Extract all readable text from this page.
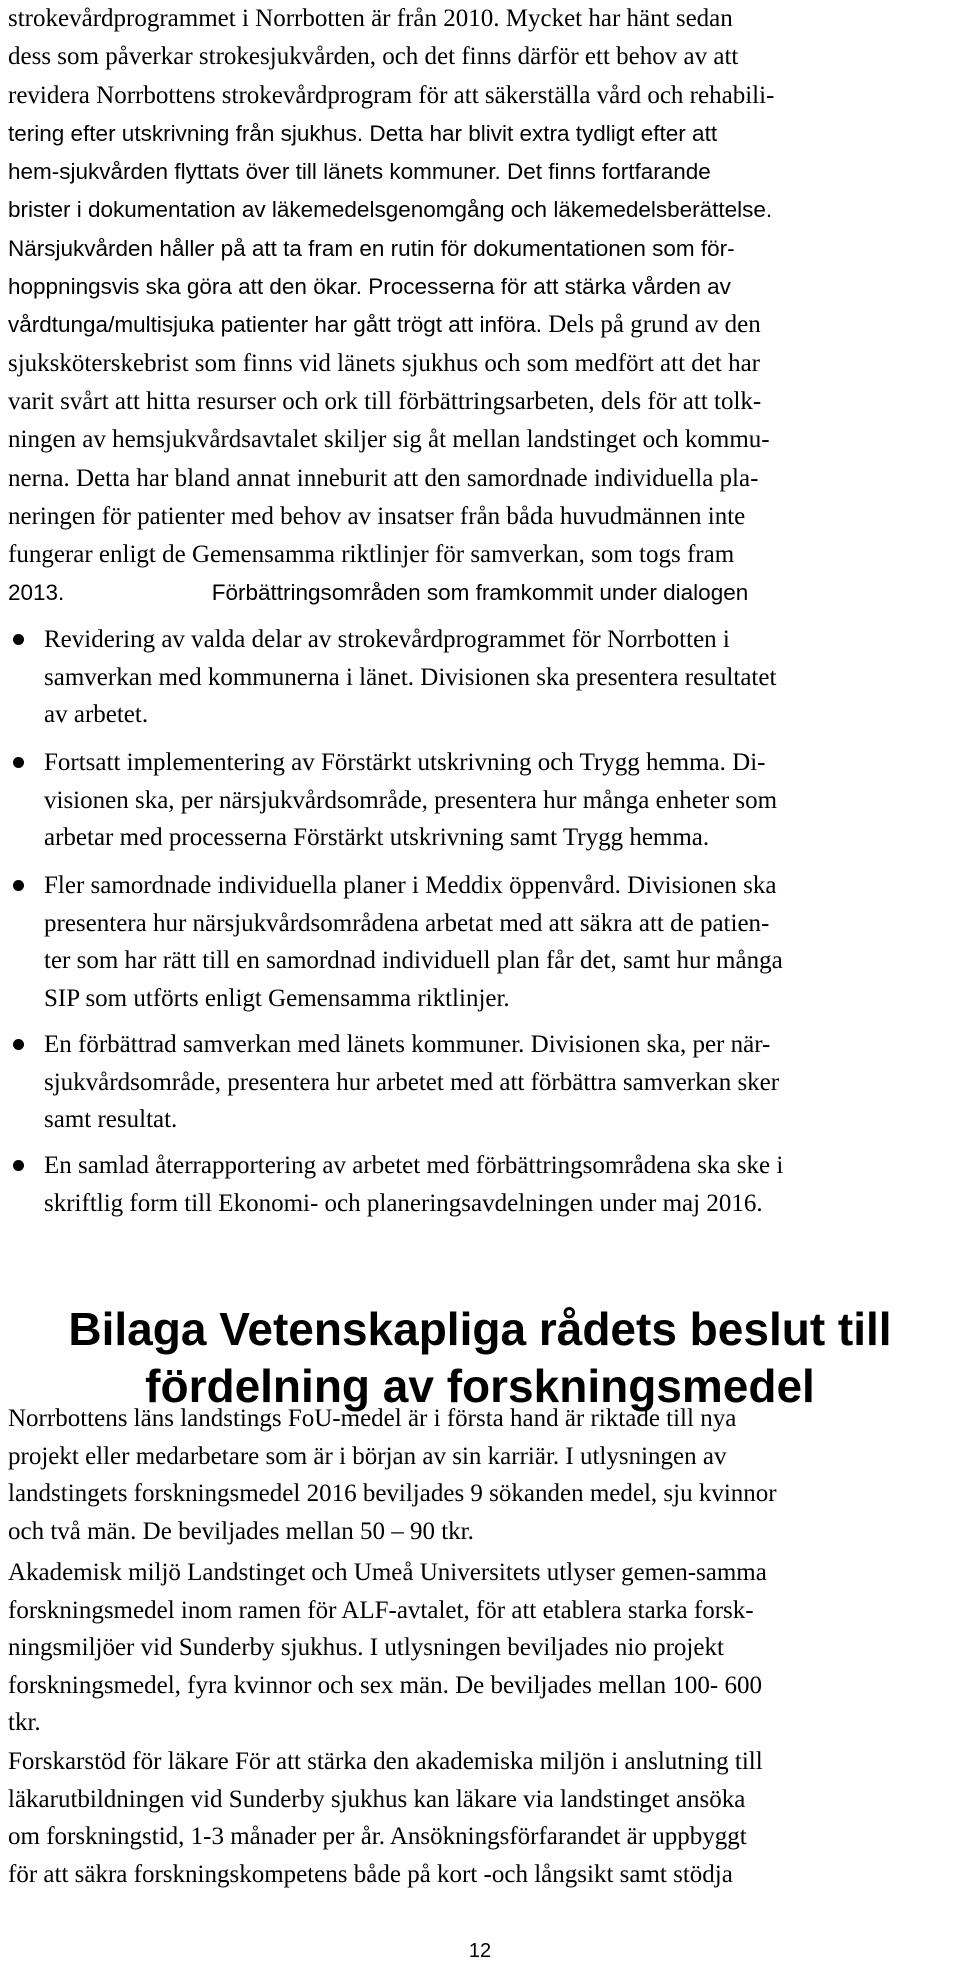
strokevårdprogrammet i Norrbotten är från 2010. Mycket har hänt sedan
dess som påverkar strokesjukvården, och det finns därför ett behov av att
revidera Norrbottens strokevårdprogram för att säkerställa vård och rehabili-
tering efter utskrivning från sjukhus. Detta har blivit extra tydligt efter att
hem-sjukvården flyttats över till länets kommuner. Det finns fortfarande
brister i dokumentation av läkemedelsgenomgång och läkemedelsberättelse.
Närsjukvården håller på att ta fram en rutin för dokumentationen som för-
hoppningsvis ska göra att den ökar. Processerna för att stärka vården av
vårdtunga/multisjuka patienter har gått trögt att införa. Dels på grund av den
sjuksköterskebrist som finns vid länets sjukhus och som medfört att det har
varit svårt att hitta resurser och ork till förbättringsarbeten, dels för att tolk-
ningen av hemsjukvårdsavtalet skiljer sig åt mellan landstinget och kommu-
nerna. Detta har bland annat inneburit att den samordnade individuella pla-
neringen för patienter med behov av insatser från båda huvudmännen inte
fungerar enligt de Gemensamma riktlinjer för samverkan, som togs fram
2013.	Förbättringsområden som framkommit under dialogen
Revidering av valda delar av strokevårdprogrammet för Norrbotten i
samverkan med kommunerna i länet. Divisionen ska presentera resultatet
av arbetet.
Fortsatt implementering av Förstärkt utskrivning och Trygg hemma. Di-
visionen ska, per närsjukvårdsområde, presentera hur många enheter som
arbetar med processerna Förstärkt utskrivning samt Trygg hemma.
Fler samordnade individuella planer i Meddix öppenvård. Divisionen ska
presentera hur närsjukvårdsområdena arbetat med att säkra att de patien-
ter som har rätt till en samordnad individuell plan får det, samt hur många
SIP som utförts enligt Gemensamma riktlinjer.
En förbättrad samverkan med länets kommuner. Divisionen ska, per när-
sjukvårdsområde, presentera hur arbetet med att förbättra samverkan sker
samt resultat.
En samlad återrapportering av arbetet med förbättringsområdena ska ske i
skriftlig form till Ekonomi- och planeringsavdelningen under maj 2016.
Bilaga Vetenskapliga rådets beslut till
fördelning av forskningsmedel
Norrbottens läns landstings FoU-medel är i första hand är riktade till nya
projekt eller medarbetare som är i början av sin karriär. I utlysningen av
landstingets forskningsmedel 2016 beviljades 9 sökanden medel, sju kvinnor
och två män. De beviljades mellan 50 – 90 tkr.
Akademisk miljö Landstinget och Umeå Universitets utlyser gemen-samma
forskningsmedel inom ramen för ALF-avtalet, för att etablera starka forsk-
ningsmiljöer vid Sunderby sjukhus. I utlysningen beviljades nio projekt
forskningsmedel, fyra kvinnor och sex män. De beviljades mellan 100- 600
tkr.
Forskarstöd för läkare För att stärka den akademiska miljön i anslutning till
läkarutbildningen vid Sunderby sjukhus kan läkare via landstinget ansöka
om forskningstid, 1-3 månader per år. Ansökningsförfarandet är uppbyggt
för att säkra forskningskompetens både på kort -och långsikt samt stödja
12
